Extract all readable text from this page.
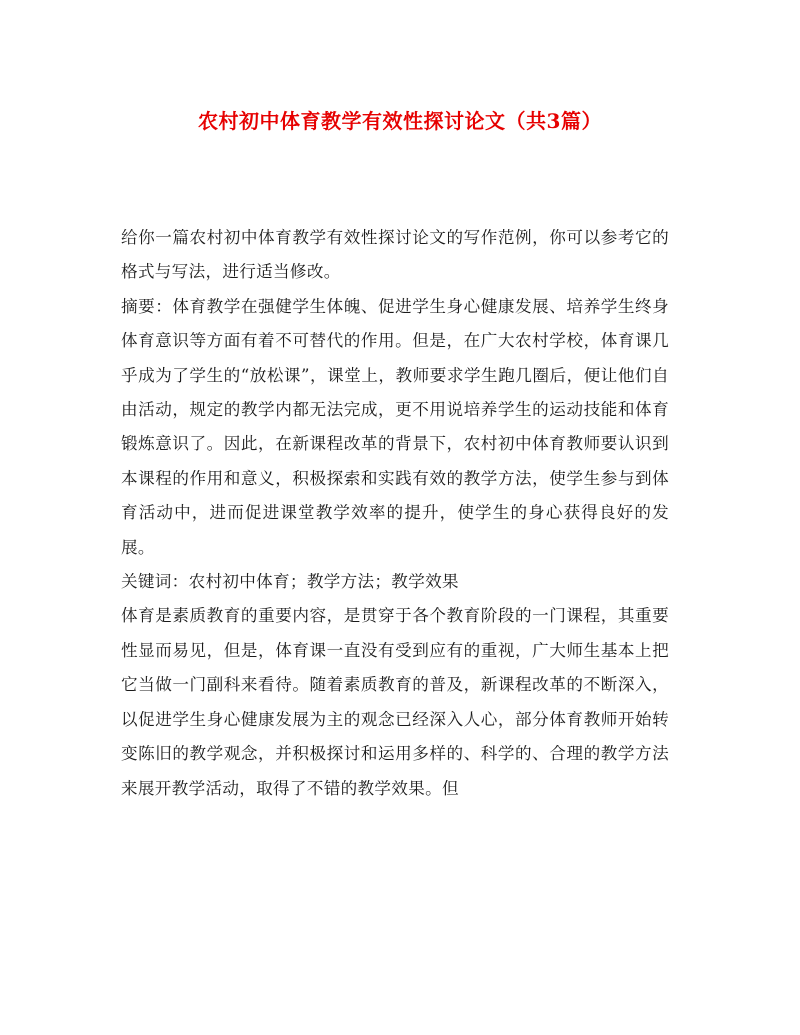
农村初中体育教学有效性探讨论文（共3篇）

给你一篇农村初中体育教学有效性探讨论文的写作范例，你可以参考它的格式与写法，进行适当修改。

摘要：体育教学在强健学生体魄、促进学生身心健康发展、培养学生终身体育意识等方面有着不可替代的作用。但是，在广大农村学校，体育课几乎成为了学生的“放松课”，课堂上，教师要求学生跑几圈后，便让他们自由活动，规定的教学内都无法完成，更不用说培养学生的运动技能和体育锻炼意识了。因此，在新课程改革的背景下，农村初中体育教师要认识到本课程的作用和意义，积极探索和实践有效的教学方法，使学生参与到体育活动中，进而促进课堂教学效率的提升，使学生的身心获得良好的发展。

关键词：农村初中体育；教学方法；教学效果

体育是素质教育的重要内容，是贯穿于各个教育阶段的一门课程，其重要性显而易见，但是，体育课一直没有受到应有的重视，广大师生基本上把它当做一门副科来看待。随着素质教育的普及，新课程改革的不断深入，以促进学生身心健康发展为主的观念已经深入人心，部分体育教师开始转变陈旧的教学观念，并积极探讨和运用多样的、科学的、合理的教学方法来展开教学活动，取得了不错的教学效果。但
